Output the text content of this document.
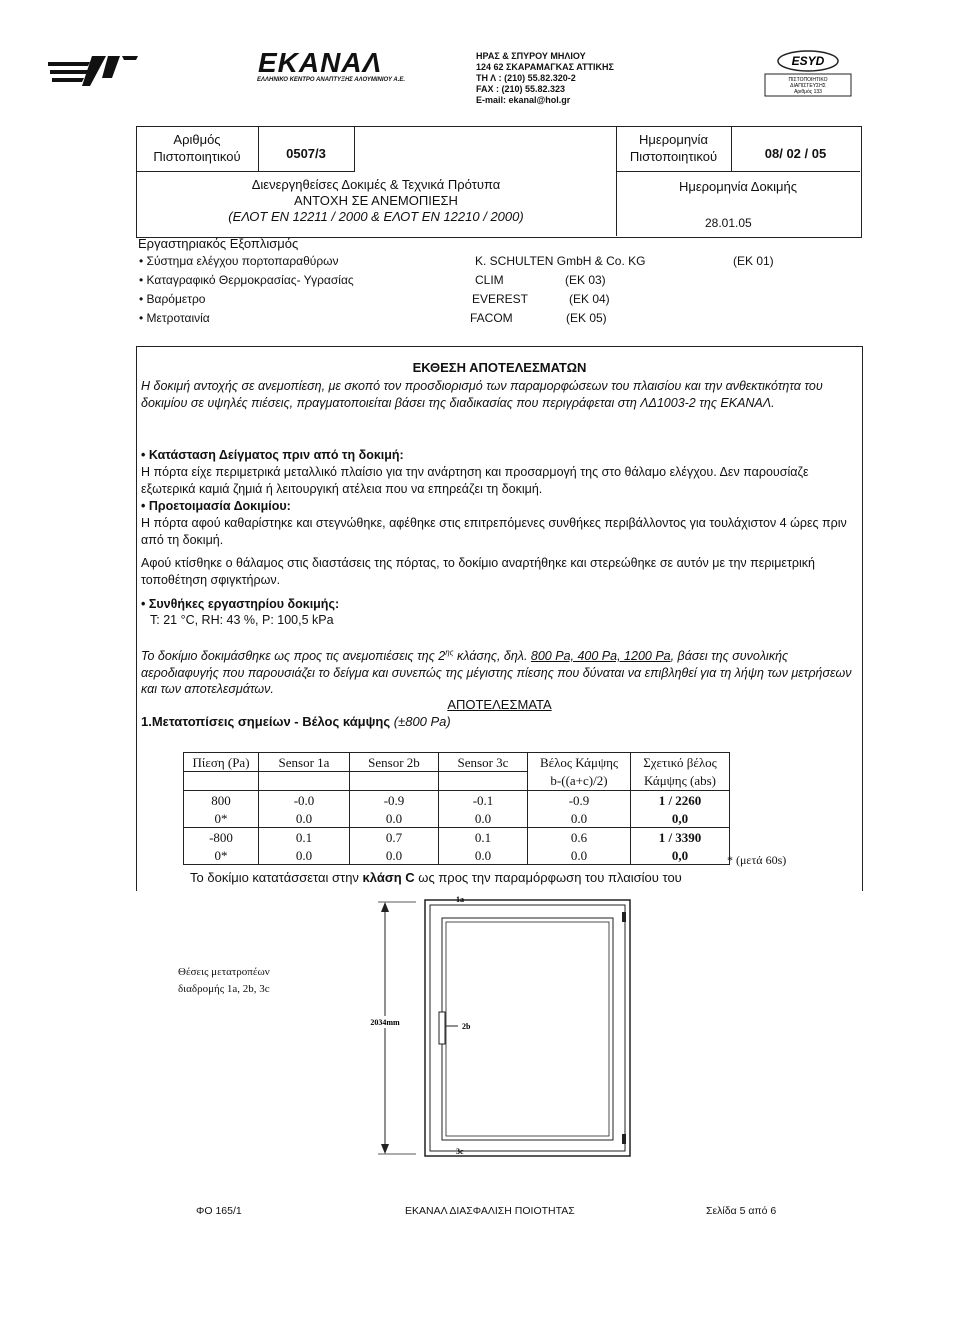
ΕΚΑΝΑΛ
ΕΛΛΗΝΙΚΟ ΚΕΝΤΡΟ ΑΝΑΠΤΥΞΗΣ ΑΛΟΥΜΙΝΙΟΥ Α.Ε.
ΗΡΑΣ & ΣΠΥΡΟΥ ΜΗΛΙΟΥ
124 62 ΣΚΑΡΑΜΑΓΚΑΣ ΑΤΤΙΚΗΣ
ΤΗ Λ : (210) 55.82.320-2
FAX : (210) 55.82.323
E-mail: ekanal@hol.gr
ESYD
ΠΙΣΤΟΠΟΙΗΤΙΚΟ
ΔΙΑΠΙΣΤΕΥΣΗΣ
Αριθμός 133
Αριθμός
Πιστοποιητικού	0507/3
Ημερομηνία
Πιστοποιητικού	08/ 02 / 05
Διενεργηθείσες Δοκιμές & Τεχνικά Πρότυπα
ΑΝΤΟΧΗ ΣΕ ΑΝΕΜΟΠΙΕΣΗ
(ΕΛΟΤ ΕΝ 12211 / 2000 & ΕΛΟΤ ΕΝ 12210 / 2000)
Ημερομηνία Δοκιμής
28.01.05
Εργαστηριακός Εξοπλισμός
• Σύστημα ελέγχου πορτοπαραθύρων	K. SCHULTEN GmbH & Co. KG	(EK 01)
• Καταγραφικό Θερμοκρασίας- Υγρασίας	CLIM	(EK 03)
• Βαρόμετρο	EVEREST	(EK 04)
• Μετροταινία	FACOM	(EK 05)
ΕΚΘΕΣΗ ΑΠΟΤΕΛΕΣΜΑΤΩΝ
Η δοκιμή αντοχής σε ανεμοπίεση, με σκοπό τον προσδιορισμό των παραμορφώσεων του πλαισίου και την ανθεκτικότητα του δοκιμίου σε υψηλές πιέσεις, πραγματοποιείται βάσει της διαδικασίας που περιγράφεται στη ΛΔ1003-2 της ΕΚΑΝΑΛ.
• Κατάσταση Δείγματος πριν από τη δοκιμή:
Η πόρτα είχε περιμετρικά μεταλλικό πλαίσιο για την ανάρτηση και προσαρμογή της στο θάλαμο ελέγχου. Δεν παρουσίαζε εξωτερικά καμιά ζημιά ή λειτουργική ατέλεια που να επηρεάζει τη δοκιμή.
• Προετοιμασία Δοκιμίου:
Η πόρτα αφού καθαρίστηκε και στεγνώθηκε, αφέθηκε στις επιτρεπόμενες συνθήκες περιβάλλοντος για τουλάχιστον 4 ώρες πριν από τη δοκιμή.
Αφού κτίσθηκε ο θάλαμος στις διαστάσεις της πόρτας, το δοκίμιο αναρτήθηκε και στερεώθηκε σε αυτόν με την περιμετρική τοποθέτηση σφιγκτήρων.
• Συνθήκες εργαστηρίου δοκιμής:
T: 21 °C, RH: 43 %, P: 100,5 kPa
Το δοκίμιο δοκιμάσθηκε ως προς τις ανεμοπιέσεις της $2^{\eta\varsigma}$ κλάσης, δηλ. 800 Pa, 400 Pa, 1200 Pa, βάσει της συνολικής αεροδιαφυγής που παρουσιάζει το δείγμα και συνεπώς της μέγιστης πίεσης που δύναται να επιβληθεί για τη λήψη των μετρήσεων και των αποτελεσμάτων.
ΑΠΟΤΕΛΕΣΜΑΤΑ
1.Μετατοπίσεις σημείων - Βέλος κάμψης (±800 Pa)
Πίεση (Pa)	Sensor 1a	Sensor 2b	Sensor 3c	Βέλος Κάμψης	Σχετικό βέλος
				b-((a+c)/2)	Κάμψης (abs)
800	-0.0	-0.9	-0.1	-0.9	1 / 2260
0*	0.0	0.0	0.0	0.0	0,0
-800	0.1	0.7	0.1	0.6	1 / 3390
0*	0.0	0.0	0.0	0.0	0,0	* (μετά 60s)
Το δοκίμιο κατατάσσεται στην κλάση C ως προς την παραμόρφωση του πλαισίου του
Θέσεις μετατροπέων
διαδρομής 1a, 2b, 3c
2034mm
1a
2b
3c
ΦΟ 165/1	ΕΚΑΝΑΛ ΔΙΑΣΦΑΛΙΣΗ ΠΟΙΟΤΗΤΑΣ	Σελίδα 5 από 6
